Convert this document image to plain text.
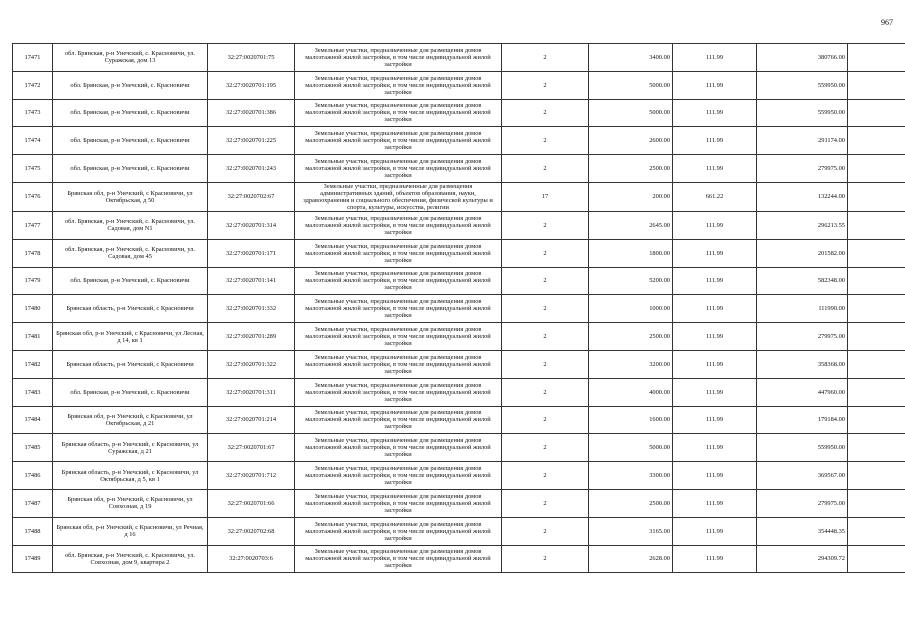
967
17471	обл. Брянская, р-н Унечский, с. Красновичи, ул. Суражская, дом 13	32:27:0020701:75	Земельные участки, предназначенные для размещения домов малоэтажной жилой застройки, в том числе индивидуальной жилой застройки	2	3400.00	111.99	380766.00	
17472	обл. Брянская, р-н Унечский, с. Красновичи	32:27:0020701:195	Земельные участки, предназначенные для размещения домов малоэтажной жилой застройки, в том числе индивидуальной жилой застройки	2	5000.00	111.99	559950.00	
17473	обл. Брянская, р-н Унечский, с. Красновичи	32:27:0020701:386	Земельные участки, предназначенные для размещения домов малоэтажной жилой застройки, в том числе индивидуальной жилой застройки	2	5000.00	111.99	559950.00	
17474	обл. Брянская, р-н Унечский, с. Красновичи	32:27:0020701:225	Земельные участки, предназначенные для размещения домов малоэтажной жилой застройки, в том числе индивидуальной жилой застройки	2	2600.00	111.99	291174.00	
17475	обл. Брянская, р-н Унечский, с. Красновичи	32:27:0020701:243	Земельные участки, предназначенные для размещения домов малоэтажной жилой застройки, в том числе индивидуальной жилой застройки	2	2500.00	111.99	279975.00	
17476	Брянская обл, р-н Унечский, с Красновичи, ул Октябрьская, д 50	32:27:0020702:67	Земельные участки, предназначенные для размещения административных зданий, объектов образования, науки, здравоохранения и социального обеспечения, физической культуры и спорта, культуры, искусства, религии	17	200.00	661.22	132244.00	
17477	обл. Брянская, р-н Унечский, с. Красновичи, ул. Садовая, дом N1	32:27:0020701:314	Земельные участки, предназначенные для размещения домов малоэтажной жилой застройки, в том числе индивидуальной жилой застройки	2	2645.00	111.99	296213.55	
17478	обл. Брянская, р-н Унечский, с. Красновичи, ул. Садовая, дом 45	32:27:0020701:171	Земельные участки, предназначенные для размещения домов малоэтажной жилой застройки, в том числе индивидуальной жилой застройки	2	1800.00	111.99	201582.00	
17479	обл. Брянская, р-н Унечский, с. Красновичи	32:27:0020701:141	Земельные участки, предназначенные для размещения домов малоэтажной жилой застройки, в том числе индивидуальной жилой застройки	2	5200.00	111.99	582348.00	
17480	Брянская область, р-н Унечский, с Красновичи	32:27:0020701:332	Земельные участки, предназначенные для размещения домов малоэтажной жилой застройки, в том числе индивидуальной жилой застройки	2	1000.00	111.99	111990.00	
17481	Брянская обл, р-н Унечский, с Красновичи, ул Лесная, д 14, кв 1	32:27:0020701:289	Земельные участки, предназначенные для размещения домов малоэтажной жилой застройки, в том числе индивидуальной жилой застройки	2	2500.00	111.99	279975.00	
17482	Брянская область, р-н Унечский, с Красновичи	32:27:0020701:322	Земельные участки, предназначенные для размещения домов малоэтажной жилой застройки, в том числе индивидуальной жилой застройки	2	3200.00	111.99	358368.00	
17483	обл. Брянская, р-н Унечский, с. Красновичи	32:27:0020701:311	Земельные участки, предназначенные для размещения домов малоэтажной жилой застройки, в том числе индивидуальной жилой застройки	2	4000.00	111.99	447960.00	
17484	Брянская обл, р-н Унечский, с Красновичи, ул Октябрьская, д 21	32:27:0020701:214	Земельные участки, предназначенные для размещения домов малоэтажной жилой застройки, в том числе индивидуальной жилой застройки	2	1600.00	111.99	179184.00	
17485	Брянская область, р-н Унечский, с Красновичи, ул Суражская, д 21	32:27:0020701:67	Земельные участки, предназначенные для размещения домов малоэтажной жилой застройки, в том числе индивидуальной жилой застройки	2	5000.00	111.99	559950.00	
17486	Брянская область, р-н Унечский, с Красновичи, ул Октябрьская, д 5, кв 1	32:27:0020701:712	Земельные участки, предназначенные для размещения домов малоэтажной жилой застройки, в том числе индивидуальной жилой застройки	2	3300.00	111.99	369567.00	
17487	Брянская обл, р-н Унечский, с Красновичи, ул Совхозная, д 19	32:27:0020701:66	Земельные участки, предназначенные для размещения домов малоэтажной жилой застройки, в том числе индивидуальной жилой застройки	2	2500.00	111.99	279975.00	
17488	Брянская обл, р-н Унечский, с Красновичи, ул Речная, д 16	32:27:0020702:68	Земельные участки, предназначенные для размещения домов малоэтажной жилой застройки, в том числе индивидуальной жилой застройки	2	3165.00	111.99	354448.35	
17489	обл. Брянская, р-н Унечский, с. Красновичи, ул. Совхозная, дом 9, квартира 2	32:27:0020703:6	Земельные участки, предназначенные для размещения домов малоэтажной жилой застройки, в том числе индивидуальной жилой застройки	2	2628.00	111.99	294309.72	
